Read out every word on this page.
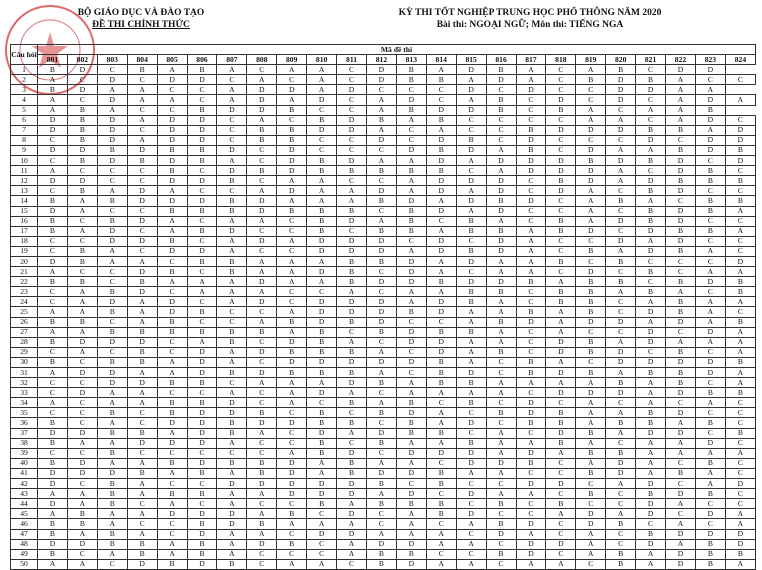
BỘ GIÁO DỤC VÀ ĐÀO TẠO
ĐỀ THI CHÍNH THỨC
KỲ THI TỐT NGHIỆP TRUNG HỌC PHỔ THÔNG NĂM 2020
Bài thi: NGOẠI NGỮ; Môn thi: TIẾNG NGA
Câu hỏi	Mã đề thi																							
	801	802	803	804	805	806	807	808	809	810	811	812	813	814	815	816	817	818	819	820	821	822	823	824
1	B	D	C	B	A	B	A	C	A	A	C	D	B	A	D	B	A	C	A	B	C	D	D	
2	A	C	D	C	D	D	C	A	C	A	C	D	B	B	A	D	A	C	B	D	B	A	C	C
3	B	D	A	A	C	C	A	D	D	A	D	C	C	C	D	C	D	C	C	D	D	A	A	
4	A	C	D	A	A	C	A	D	A	D	C	A	D	C	A	B	C	D	C	D	C	A	D	A
5	A	B	A	C	C	B	D	D	B	C	C	A	B	D	D	B	C	B	A	C	A	A	B	
6	D	B	D	A	D	D	C	A	C	B	D	B	A	B	C	C	C	C	A	A	C	A	D	C
7	D	B	D	C	D	D	C	B	B	D	D	A	C	A	C	C	B	D	D	D	B	B	A	D
8	C	B	D	A	D	D	C	B	B	C	C	D	C	D	B	C	D	C	C	C	D	C	D	D
9	D	D	B	D	B	B	D	C	D	C	C	C	D	B	D	A	B	C	D	A	A	B	D	B
10	C	B	D	B	D	B	A	C	D	B	D	A	A	D	A	D	D	D	B	D	B	D	C	D
11	A	C	C	C	B	C	D	B	D	B	B	B	B	B	C	A	D	D	D	A	C	D	B	C
12	D	D	C	C	D	D	B	C	A	A	C	C	A	D	D	D	C	B	D	A	D	B	B	B
13	C	B	A	D	A	C	C	A	D	A	A	D	A	D	A	D	C	D	A	C	B	D	C	C
14	B	A	B	D	D	D	B	D	A	A	A	B	D	A	D	B	D	C	A	B	A	C	B	B
15	D	A	C	C	B	B	B	D	B	B	B	C	B	D	A	D	C	C	A	C	B	D	B	A
16	B	C	B	D	A	C	A	A	C	B	D	A	B	C	B	A	C	B	A	D	B	D	C	C
17	B	A	D	C	A	B	D	C	C	B	C	B	B	A	B	B	A	B	D	C	D	B	B	A
18	C	C	D	D	B	C	A	D	A	D	D	D	C	D	C	D	A	C	C	D	A	D	C	C
19	C	B	A	C	D	D	A	C	C	D	D	D	A	D	B	D	A	C	B	A	D	B	A	C
20	D	B	A	A	C	B	B	A	A	A	B	B	D	A	D	A	A	B	C	B	C	C	C	D
21	A	C	C	D	B	C	B	A	A	D	B	C	D	A	C	A	A	C	D	C	B	C	A	A
22	B	B	C	B	A	A	A	D	A	A	B	D	D	B	D	D	B	A	B	B	C	B	D	B
23	C	A	B	D	C	A	A	A	C	C	A	C	A	A	B	B	C	B	B	A	B	A	C	B
24	C	A	D	A	D	C	A	D	C	D	D	D	A	D	B	A	C	B	B	C	A	B	A	A
25	A	A	B	A	D	B	C	C	A	D	D	D	B	D	A	A	B	A	B	C	D	B	A	C
26	B	B	C	A	B	C	C	A	B	D	B	D	C	C	A	B	D	A	D	D	A	D	A	B
27	A	A	B	B	B	B	B	B	A	B	C	B	D	B	B	A	C	A	C	C	D	C	D	A
28	B	D	D	D	C	A	B	C	D	B	A	C	D	D	A	A	C	D	B	A	D	A	A	A
29	C	A	C	B	C	D	A	D	B	B	B	A	C	D	A	B	C	D	B	D	C	B	C	A
30	B	C	B	B	A	D	A	C	D	D	D	D	D	B	A	C	B	A	C	D	D	D	D	B
31	A	D	D	A	A	D	B	D	B	B	B	A	C	B	D	C	B	D	B	A	B	B	D	A
32	C	C	D	D	B	B	C	A	A	A	D	B	A	B	B	A	A	A	A	B	A	B	C	A
33	C	D	A	A	C	C	A	C	A	D	A	C	A	A	A	A	C	D	D	D	A	D	B	B
34	A	C	A	A	B	B	D	C	A	C	B	A	B	C	B	C	D	C	A	C	A	C	A	C
35	C	C	B	C	B	D	D	B	C	B	C	B	D	A	C	B	D	B	A	A	B	D	C	C
36	B	C	A	C	D	D	B	D	D	B	B	C	B	A	D	C	B	B	A	B	B	A	B	C
37	D	D	B	B	A	D	B	A	C	D	A	D	B	B	C	A	C	D	B	A	D	D	C	B
38	B	A	A	D	D	D	A	C	C	B	C	B	A	A	B	A	A	B	A	C	A	A	D	C
39	C	C	B	C	C	C	C	C	A	B	D	C	D	D	D	A	D	A	B	B	A	A	A	A
40	B	D	A	A	B	D	B	B	D	A	B	A	A	C	D	D	B	C	A	D	A	C	B	C
41	D	D	D	B	A	B	A	B	D	A	B	D	D	B	A	A	C	C	B	D	A	B	A	C
42	D	C	B	A	C	C	D	D	D	D	D	B	C	B	C	C	D	D	C	A	D	C	A	D
43	A	A	B	A	B	B	A	A	D	D	D	A	D	C	D	A	A	C	B	C	B	D	B	C
44	D	A	B	C	A	C	A	C	C	B	A	B	B	B	C	B	C	B	C	C	D	A	C	C
45	A	B	A	A	D	D	D	A	B	C	D	C	A	B	D	C	C	A	D	A	D	C	D	A
46	B	B	A	C	C	B	D	B	A	A	A	C	A	C	A	B	D	C	D	B	C	A	C	A
47	B	A	B	A	C	D	A	A	C	D	D	A	A	A	C	D	A	C	A	C	B	D	D	D
48	D	D	B	B	A	B	A	D	B	C	A	D	D	A	A	C	D	D	A	C	D	A	B	D
49	B	C	A	B	A	B	A	C	C	C	A	B	B	C	C	B	D	C	A	B	A	D	B	B
50	A	A	C	D	B	D	B	C	A	A	C	B	D	A	A	C	A	A	C	B	A	D	B	A
